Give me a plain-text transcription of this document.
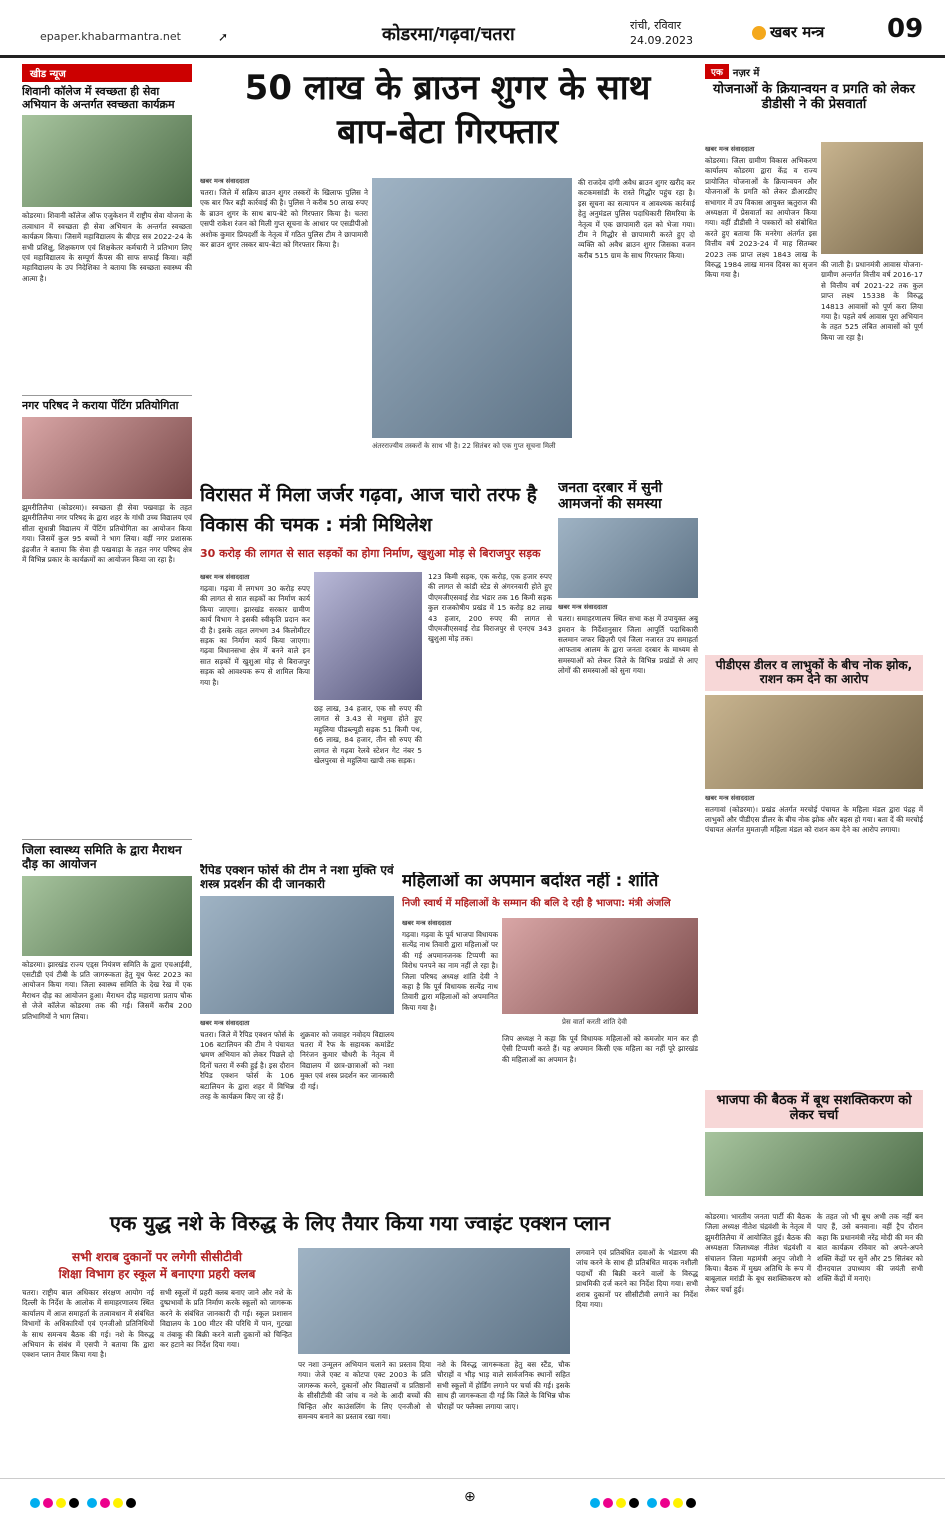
epaper.khabarmantra.net	➚	कोडरमा/गढ़वा/चतरा	रांची, रविवार
24.09.2023	खबर मन्त्र 09
खीड न्यूज
शिवानी कॉलेज में स्वच्छता ही सेवा अभियान के अन्तर्गत स्वच्छता कार्यक्रम
कोडरमा। शिवानी कॉलेज ऑफ एजुकेशन में राष्ट्रीय सेवा योजना के तत्वाधान में स्वच्छता ही सेवा अभियान के अन्तर्गत स्वच्छता कार्यक्रम किया। जिसमें महाविद्यालय के बीएड सत्र 2022-24 के सभी प्रशिक्षु, शिक्षकगण एवं शिक्षकेतर कर्मचारी ने प्रतिभाग लिए एवं महाविद्यालय के सम्पूर्ण कैंपस की साफ सफाई किया। वहीं महाविद्यालय के उप निदेशिका ने बताया कि स्वच्छता स्वास्थ्य की आत्मा है।
नगर परिषद ने कराया पेंटिंग प्रतियोगिता
झुमरीतिलैया (कोडरमा)। स्वच्छता ही सेवा पखवाड़ा के तहत झुमरीतिलैया नगर परिषद के द्वारा शहर के गांधी उच्च विद्यालय एवं सीता सुधान्नी विद्यालय में पेंटिंग प्रतियोगिता का आयोजन किया गया। जिसमें कुल 95 बच्चों ने भाग लिया। वहीं नगर प्रशासक इंद्रजीत ने बताया कि सेवा ही पखवाड़ा के तहत नगर परिषद क्षेत्र में विभिन्न प्रकार के कार्यक्रमों का आयोजन किया जा रहा है।
जिला स्वास्थ्य समिति के द्वारा मैराथन दौड़ का आयोजन
कोडरमा। झारखंड राज्य एड्स नियंत्रण समिति के द्वारा एचआईवी, एसटीडी एवं टीबी के प्रति जागरूकता हेतु यूथ फेस्ट 2023 का आयोजन किया गया। जिला स्वास्थ्य समिति के देख रेख में एक मैराथन दौड़ का आयोजन हुआ। मैराथन दौड़ महाराणा प्रताप चौक से जेजे कॉलेज कोडरमा तक की गई। जिसमें करीब 200 प्रतिभागियों ने भाग लिया।
50 लाख के ब्राउन शुगर के साथ बाप-बेटा गिरफ्तार
खबर मन्त्र संवाददाता
चतरा। जिले में सक्रिय ब्राउन शुगर तस्करों के खिलाफ पुलिस ने एक बार फिर बड़ी कार्रवाई की है। पुलिस ने करीब 50 लाख रुपए के ब्राउन शुगर के साथ बाप-बेटे को गिरफ्तार किया है। चतरा एसपी राकेश रंजन को मिली गुप्त सूचना के आधार पर एसडीपीओ अशोक कुमार प्रियदर्शी के नेतृत्व में गठित पुलिस टीम ने छापामारी कर ब्राउन शुगर तस्कर बाप-बेटा को गिरफ्तार किया है।
अंतरराज्यीय तस्करों के साथ भी है। 22 सितंबर को एक गुप्त सूचना मिली
की राजदेव दांगी अवैध ब्राउन शुगर खरीद कर कटकमसांडी के रास्ते गिद्धौर पहुंच रहा है। इस सूचना का सत्यापन व आवश्यक कार्रवाई हेतु अनुमंडल पुलिस पदाधिकारी सिमरिया के नेतृत्व में एक छापामारी दल को भेजा गया। टीम ने गिद्धौर से छापामारी करते हुए दो व्यक्ति को अवैध ब्राउन शुगर जिसका वजन करीब 515 ग्राम के साथ गिरफ्तार किया।
एक	नज़र में
योजनाओं के क्रियान्वयन व प्रगति को लेकर डीडीसी ने की प्रेसवार्ता
खबर मन्त्र संवाददाता
कोडरमा। जिला ग्रामीण विकास अभिकरण कार्यालय कोडरमा द्वारा केंद्र व राज्य प्रायोजित योजनाओं के क्रियान्वयन और योजनाओं के प्रगति को लेकर डीआरडीए सभागार में उप विकास आयुक्त ऋतुराज की अध्यक्षता में प्रेसवार्ता का आयोजन किया गया। वहीं डीडीसी ने पत्रकारों को संबोधित करते हुए बताया कि मनरेगा अंतर्गत इस वित्तीय वर्ष 2023-24 में माह सितम्बर 2023 तक प्राप्त लक्ष्य 1843 लाख के विरुद्ध 1984 लाख मानव दिवस का सृजन किया गया है।
की जाती है। प्रधानमंत्री आवास योजना-ग्रामीण अन्तर्गत वित्तीय वर्ष 2016-17 से वित्तीय वर्ष 2021-22 तक कुल प्राप्त लक्ष्य 15338 के विरुद्ध 14813 आवासों को पूर्ण करा लिया गया है। पहले वर्ष आवास पूरा अभियान के तहत 525 लंबित आवासों को पूर्ण किया जा रहा है।
विरासत में मिला जर्जर गढ़वा, आज चारो तरफ है विकास की चमक : मंत्री मिथिलेश
30 करोड़ की लागत से सात सड़कों का होगा निर्माण, खुशुआ मोड़ से बिराजपुर सड़क
खबर मन्त्र संवाददाता
गढ़वा। गढ़वा में लगभग 30 करोड़ रुपए की लागत से सात सड़कों का निर्माण कार्य किया जाएगा। झारखंड सरकार ग्रामीण कार्य विभाग ने इसकी स्वीकृति प्रदान कर दी है। इसके तहत लगभग 34 किलोमीटर सड़क का निर्माण कार्य किया जाएगा। गढ़वा विधानसभा क्षेत्र में बनने वाले इन सात सड़कों में खुशुआ मोड़ से बिराजपुर सड़क को आवश्यक रूप से शामिल किया गया है।
छह लाख, 34 हजार, एक सौ रुपए की लागत से 3.43 से मधुमा होते हुए महुलिया पीडब्ल्यूडी सड़क 51 किमी पथ, 66 लाख, 84 हजार, तीन सौ रुपए की लागत से गढ़वा रेलवे स्टेशन गेट नंबर 5 खेलपुरवा से महुलिया खापी तक सड़क।
123 किमी सड़क, एक करोड़, एक हजार रुपए की लागत से कांडी स्टेड से अंगरनवारी होते हुए पीएमजीएसवाई रोड भंडार तक 16 किमी सड़क कुल राजकोषीय प्रखंड में 15 करोड़ 82 लाख 43 हजार, 200 रुपए की लागत से पीएमजीएसवाई रोड विराजपुर से एनएच 343 खुशुआ मोड़ तक।
जनता दरबार में सुनी आमजनों की समस्या
खबर मन्त्र संवाददाता
चतरा। समाहरणालय स्थित सभा कक्ष में उपायुक्त अबु इमरान के निर्देशानुसार जिला आपूर्ति पदाधिकारी सलमान जफर खिज़री एवं जिला नजारत उप समाहर्ता आफताब आलम के द्वारा जनता दरबार के माध्यम से समस्याओं को लेकर जिले के विभिन्न प्रखंडों से आए लोगों की समस्याओं को सुना गया।	पीडीएस डीलर व लाभुकों के बीच नोक झोक, राशन कम देने का आरोप
खबर मन्त्र संवाददाता
सतगावां (कोडरमा)। प्रखंड अंतर्गत मरचोई पंचायत के महिला मंडल द्वारा पंद्रह में लाभुकों और पीडीएस डीलर के बीच नोक झोक और बहस हो गया। बता दें की मरचोई पंचायत अंतर्गत मुमताज़ी महिला मंडल को राशन कम देने का आरोप लगाया।
रैपिड एक्शन फोर्स की टीम ने नशा मुक्ति एवं शस्त्र प्रदर्शन की दी जानकारी
खबर मन्त्र संवाददाता
चतरा। जिले में रैपिड एक्शन फोर्स के 106 बटालियन की टीम ने पंचायत भ्रमण अभियान को लेकर पिछले दो दिनों चतरा में रुकी हुई है। इस दौरान रैपिड एक्शन फोर्स के 106 बटालियन के द्वारा शहर में विभिन्न तरह के कार्यक्रम किए जा रहे हैं।
शुक्रवार को जवाहर नवोदय विद्यालय चतरा में रैफ के सहायक कमांडेंट निरंजन कुमार चौधरी के नेतृत्व में विद्यालय में छात्र-छात्राओं को नशा मुक्त एवं शस्त्र प्रदर्शन कर जानकारी दी गई।
महिलाओं का अपमान बर्दाश्त नहीं : शांति
निजी स्वार्थ में महिलाओं के सम्मान की बलि दे रही है भाजपा: मंत्री अंजलि
खबर मन्त्र संवाददाता
गढ़वा। गढ़वा के पूर्व भाजपा विधायक सत्येंद्र नाथ तिवारी द्वारा महिलाओं पर की गई अपमानजनक टिप्पणी का विरोध पनपने का नाम नहीं ले रहा है। जिला परिषद अध्यक्ष शांति देवी ने कहा है कि पूर्व विधायक सत्येंद्र नाथ तिवारी द्वारा महिलाओं को अपमानित किया गया है।
प्रेस वार्ता करती शांति देवी
जिप अध्यक्ष ने कहा कि पूर्व विधायक महिलाओं को कमजोर मान कर ही ऐसी टिप्पणी करते हैं। यह अपमान किसी एक महिला का नहीं पूरे झारखंड की महिलाओं का अपमान है।
भाजपा की बैठक में बूथ सशक्तिकरण को लेकर चर्चा
एक युद्ध नशे के विरुद्ध के लिए तैयार किया गया ज्वाइंट एक्शन प्लान
सभी शराब दुकानों पर लगेगी सीसीटीवी
शिक्षा विभाग हर स्कूल में बनाएगा प्रहरी क्लब
चतरा। राष्ट्रीय बाल अधिकार संरक्षण आयोग नई दिल्ली के निर्देश के आलोक में समाहरणालय स्थित कार्यालय में आज समाहर्ता के तत्वावधान में संबंधित विभागों के अधिकारियों एवं एनजीओ प्रतिनिधियों के साथ समन्वय बैठक की गई। नशे के विरुद्ध अभियान के संबंध में एसपी ने बताया कि द्वारा एक्शन प्लान तैयार किया गया है।
सभी स्कूलों में प्रहरी क्लब बनाए जाने और नशे के दुष्प्रभावों के प्रति निर्माण करके स्कूलों को जागरूक करने के संबंधित जानकारी दी गई। स्कूल प्रशासन विद्यालय के 100 मीटर की परिधि में पान, गुटखा व तंबाकू की बिक्री करने वाली दुकानों को चिन्हित कर हटाने का निर्देश दिया गया।
पर नशा उन्मूलन अभियान चलाने का प्रस्ताव दिया गया। जेजे एक्ट व कोटपा एक्ट 2003 के प्रति जागरूक करने, दुकानों और विद्यालयों व प्रतिष्ठानों के सीसीटीवी की जांच व नशे के आदी बच्चों की चिन्हित और काउंसलिंग के लिए एनजीओ से समन्वय बनाने का प्रस्ताव रखा गया।
नशे के विरुद्ध जागरूकता हेतु बस स्टैंड, चौक चौराहों व भीड़ भाड़ वाले सार्वजनिक स्थानों सहित सभी स्कूलों में होर्डिंग लगाने पर चर्चा की गई। इसके साथ ही जागरूकता दी गई कि जिले के विभिन्न चौक चौराहों पर फ्लैक्स लगाया जाए।
लगवाने एवं प्रतिबंधित दवाओं के भंडारण की जांच करने के साथ ही प्रतिबंधित मादक नशीली पदार्थों की बिक्री करने वालों के विरुद्ध प्राथमिकी दर्ज करने का निर्देश दिया गया। सभी शराब दुकानों पर सीसीटीवी लगाने का निर्देश दिया गया।
कोडरमा। भारतीय जनता पार्टी की बैठक जिला अध्यक्ष नीतेश चंद्रवंशी के नेतृत्व में झुमरीतिलैया में आयोजित हुई। बैठक की अध्यक्षता जिलाध्यक्ष नीतेश चंद्रवंशी व संचालन जिला महामंत्री अनूप जोशी ने किया। बैठक में मुख्य अतिथि के रूप में बाबूलाल मरांडी के बूथ सशक्तिकरण को लेकर चर्चा हुई।
के तहत जो भी बूथ अभी तक नहीं बन पाए हैं, उसे बनवाना। वहीं ट्रैप दौरान कहा कि प्रधानमंत्री नरेंद्र मोदी की मन की बात कार्यक्रम रविवार को अपने-अपने शक्ति केंद्रों पर सुनें और 25 सितंबर को दीनदयाल उपाध्याय की जयंती सभी शक्ति केंद्रों में मनाएं।

⊕
